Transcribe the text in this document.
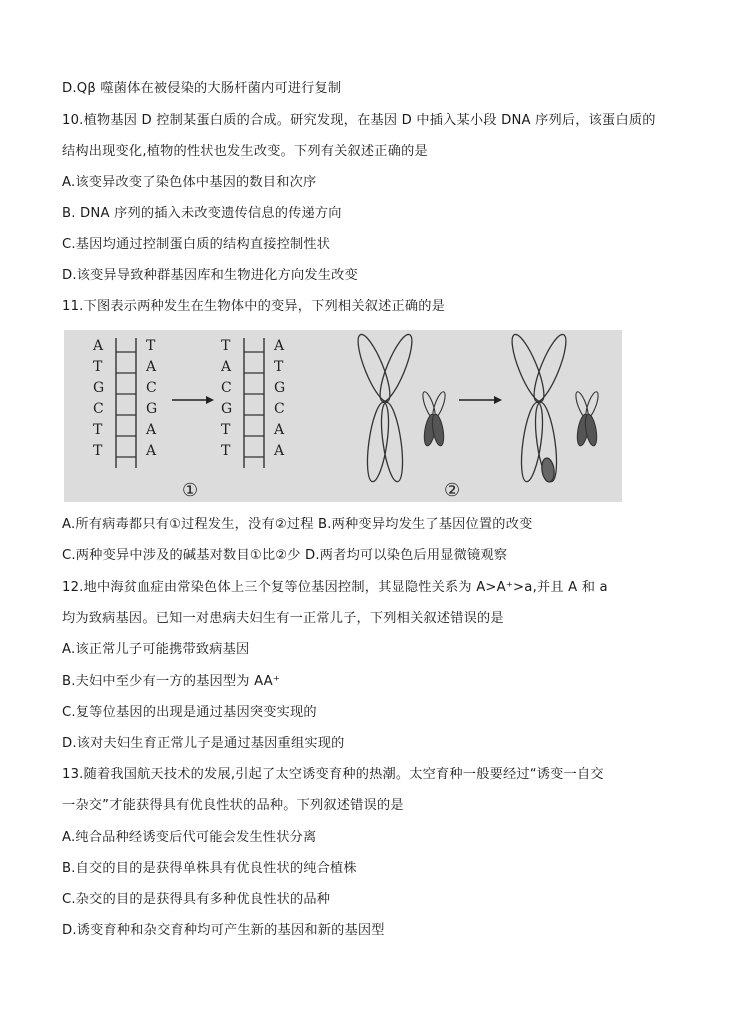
D.Qβ 噬菌体在被侵染的大肠杆菌内可进行复制
10.植物基因 D 控制某蛋白质的合成。研究发现，在基因 D 中插入某小段 DNA 序列后，该蛋白质的
结构出现变化,植物的性状也发生改变。下列有关叙述正确的是
A.该变异改变了染色体中基因的数目和次序
B. DNA 序列的插入未改变遗传信息的传递方向
C.基因均通过控制蛋白质的结构直接控制性状
D.该变异导致种群基因库和生物进化方向发生改变
11.下图表示两种发生在生物体中的变异，下列相关叙述正确的是
A
T
G
C
T
T
T
A
C
G
A
A
T
A
C
G
T
T
A
T
G
C
A
A
①	②
A.所有病毒都只有①过程发生，没有②过程 B.两种变异均发生了基因位置的改变
C.两种变异中涉及的碱基对数目①比②少 D.两者均可以染色后用显微镜观察
12.地中海贫血症由常染色体上三个复等位基因控制，其显隐性关系为 A>A⁺>a,并且 A 和 a
均为致病基因。已知一对患病夫妇生有一正常儿子，下列相关叙述错误的是
A.该正常儿子可能携带致病基因
B.夫妇中至少有一方的基因型为 AA⁺
C.复等位基因的出现是通过基因突变实现的
D.该对夫妇生育正常儿子是通过基因重组实现的
13.随着我国航天技术的发展,引起了太空诱变育种的热潮。太空育种一般要经过“诱变一自交
一杂交”才能获得具有优良性状的品种。下列叙述错误的是
A.纯合品种经诱变后代可能会发生性状分离
B.自交的目的是获得单株具有优良性状的纯合植株
C.杂交的目的是获得具有多种优良性状的品种
D.诱变育种和杂交育种均可产生新的基因和新的基因型
